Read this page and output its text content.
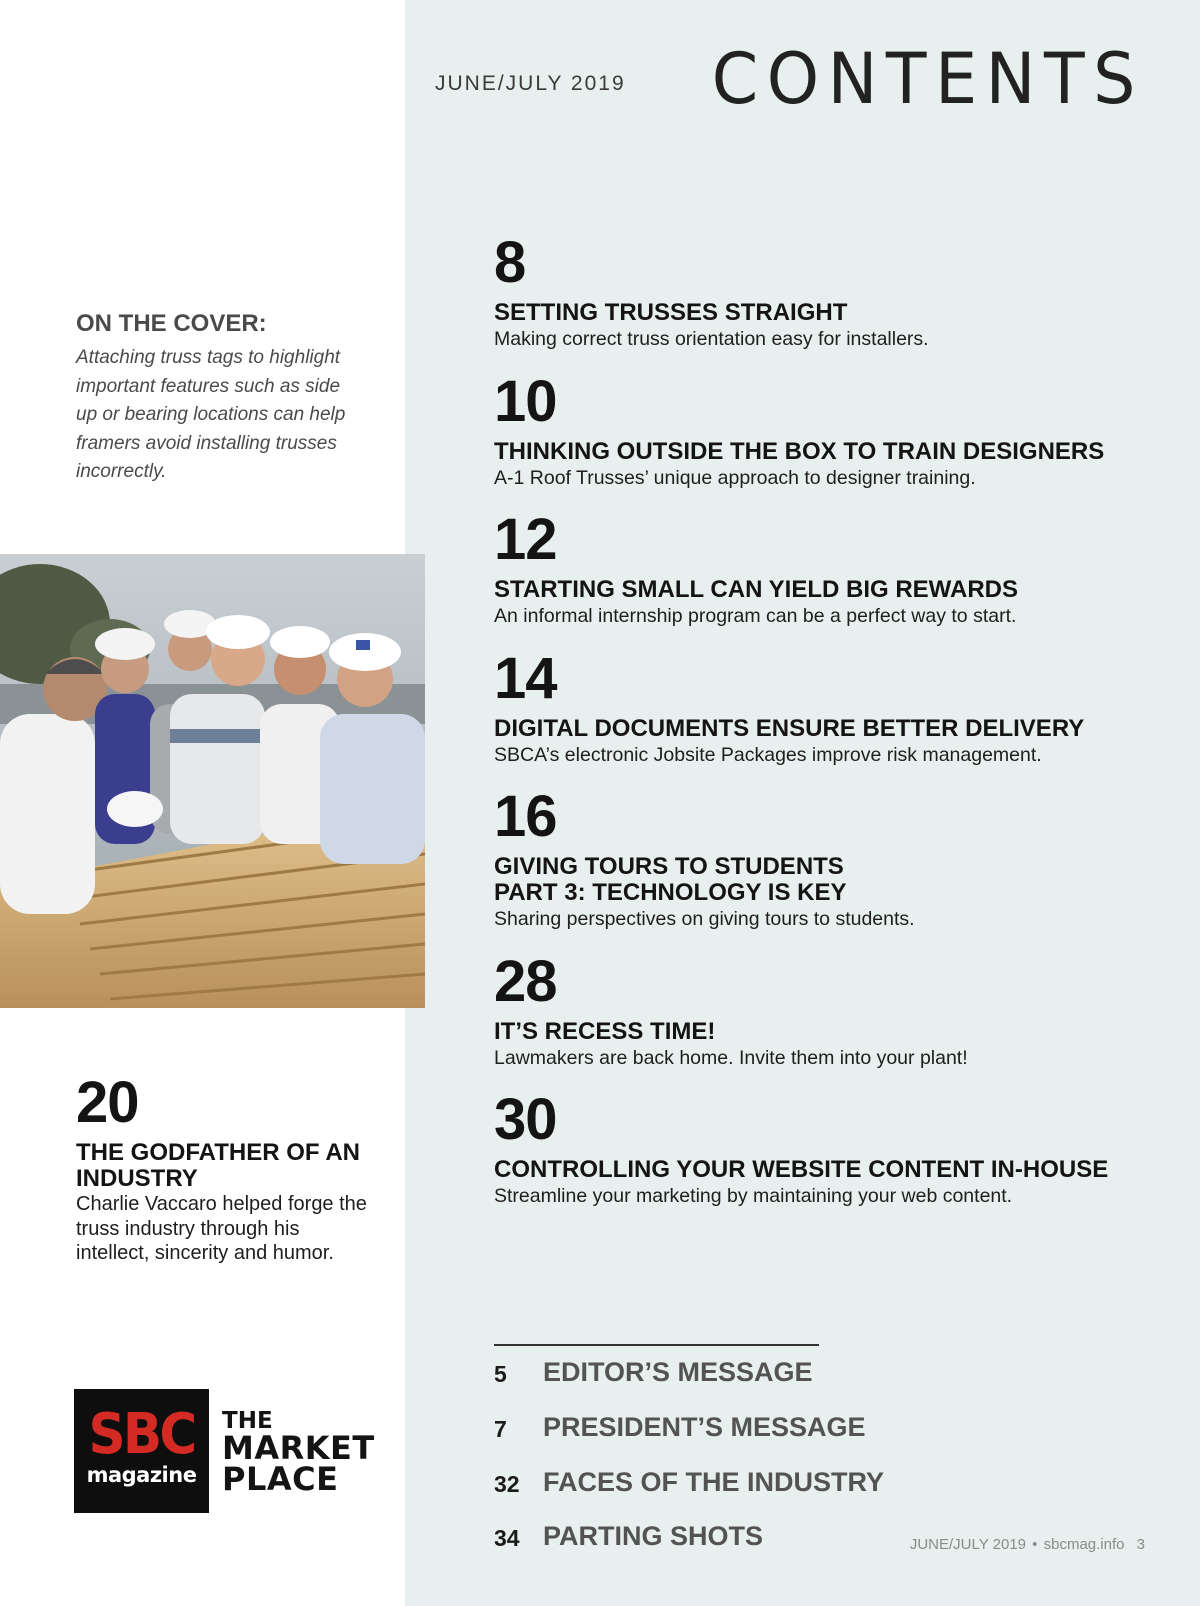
JUNE/JULY 2019 CONTENTS
8
SETTING TRUSSES STRAIGHT
Making correct truss orientation easy for installers.
10
THINKING OUTSIDE THE BOX TO TRAIN DESIGNERS
A-1 Roof Trusses’ unique approach to designer training.
12
STARTING SMALL CAN YIELD BIG REWARDS
An informal internship program can be a perfect way to start.
14
DIGITAL DOCUMENTS ENSURE BETTER DELIVERY
SBCA’s electronic Jobsite Packages improve risk management.
16
GIVING TOURS TO STUDENTS
PART 3: TECHNOLOGY IS KEY
Sharing perspectives on giving tours to students.
28
IT’S RECESS TIME!
Lawmakers are back home. Invite them into your plant!
30
CONTROLLING YOUR WEBSITE CONTENT IN-HOUSE
Streamline your marketing by maintaining your web content.
ON THE COVER:
Attaching truss tags to highlight important features such as side up or bearing locations can help framers avoid installing trusses incorrectly.
20
THE GODFATHER OF AN INDUSTRY
Charlie Vaccaro helped forge the truss industry through his intellect, sincerity and humor.
SBC
magazine
THE
MARKET
PLACE
5 EDITOR’S MESSAGE
7 PRESIDENT’S MESSAGE
32 FACES OF THE INDUSTRY
34 PARTING SHOTS	JUNE/JULY 2019 • sbcmag.info 3
